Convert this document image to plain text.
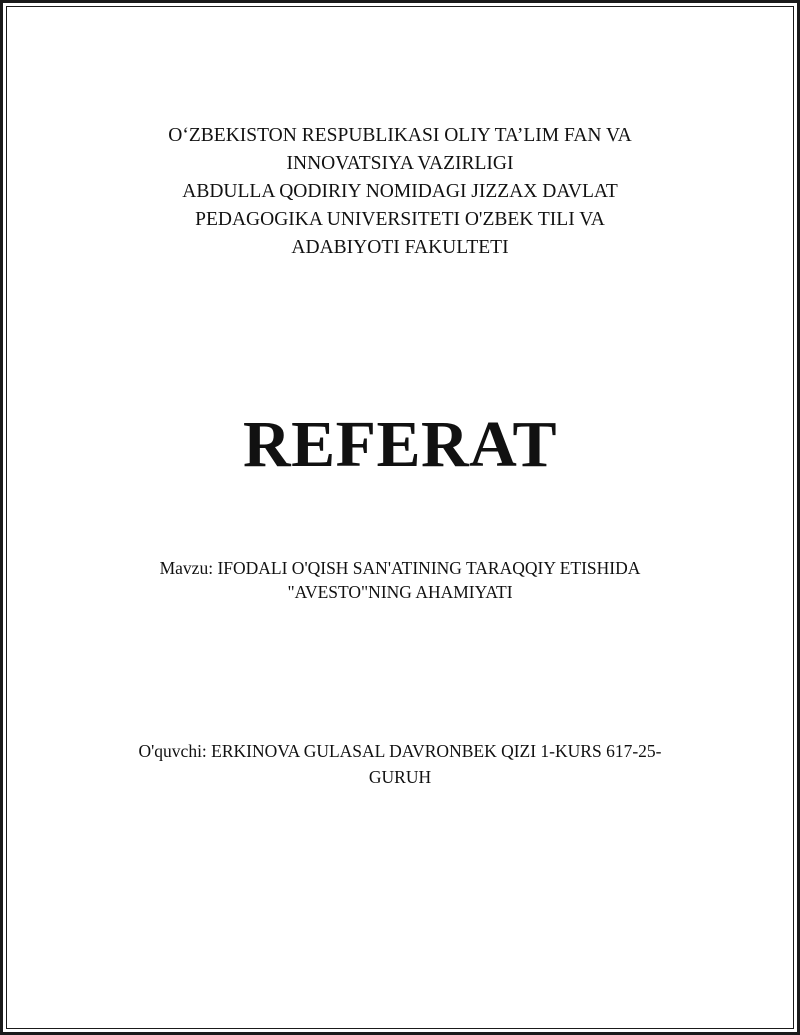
O‘ZBEKISTON RESPUBLIKASI OLIY TA’LIM FAN VA
INNOVATSIYA VAZIRLIGI
ABDULLA QODIRIY NOMIDAGI JIZZAX DAVLAT
PEDAGOGIKA UNIVERSITETI O'ZBEK TILI VA
ADABIYOTI FAKULTETI
REFERAT
Mavzu: IFODALI O'QISH SAN'ATINING TARAQQIY ETISHIDA
"AVESTO"NING AHAMIYATI
O'quvchi: ERKINOVA GULASAL DAVRONBEK QIZI 1-KURS 617-25-
GURUH
